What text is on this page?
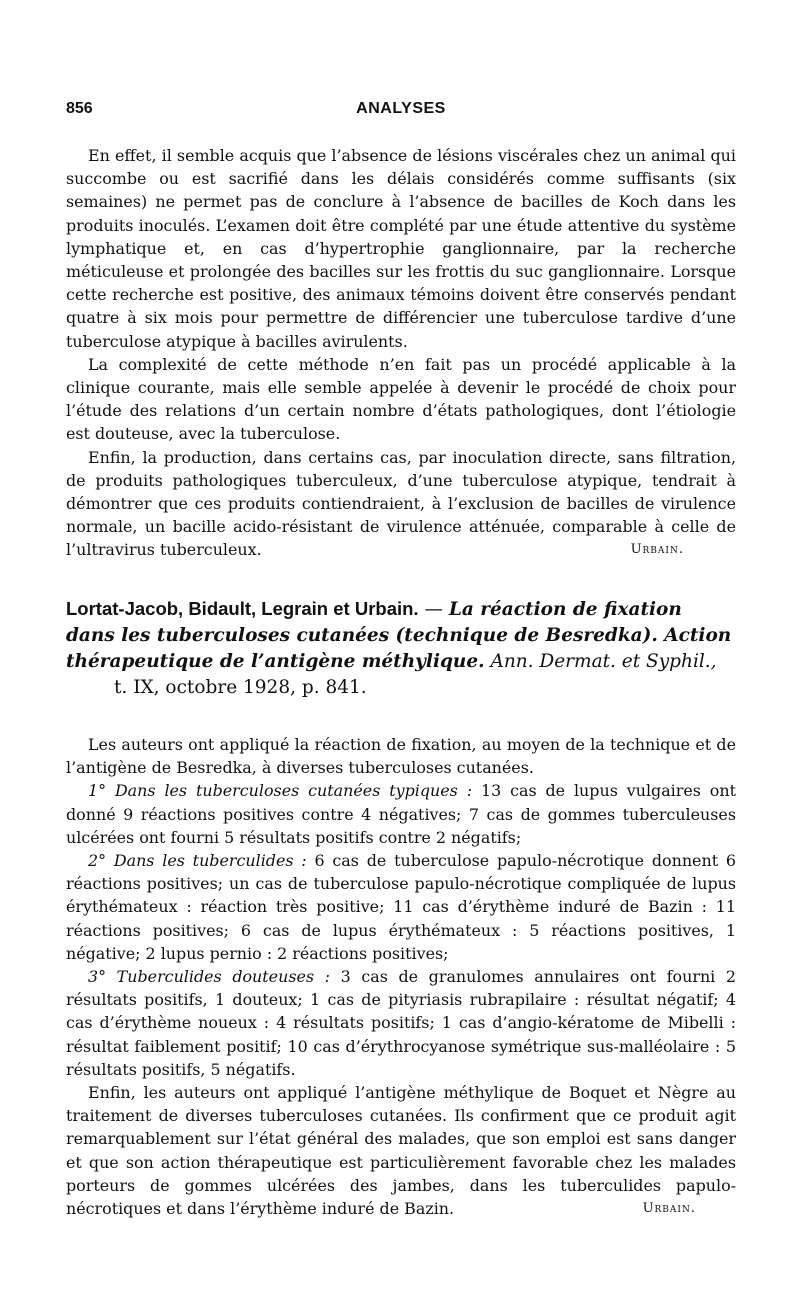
856	ANALYSES

En effet, il semble acquis que l’absence de lésions viscérales chez un animal qui succombe ou est sacrifié dans les délais considérés comme suffisants (six semaines) ne permet pas de conclure à l’absence de bacilles de Koch dans les produits inoculés. L’examen doit être complété par une étude attentive du système lymphatique et, en cas d’hypertrophie ganglionnaire, par la recherche méticuleuse et prolongée des bacilles sur les frottis du suc ganglionnaire. Lorsque cette recherche est positive, des animaux témoins doivent être conservés pendant quatre à six mois pour permettre de différencier une tuberculose tardive d’une tuberculose atypique à bacilles avirulents.

La complexité de cette méthode n’en fait pas un procédé applicable à la clinique courante, mais elle semble appelée à devenir le procédé de choix pour l’étude des relations d’un certain nombre d’états pathologiques, dont l’étiologie est douteuse, avec la tuberculose.

Enfin, la production, dans certains cas, par inoculation directe, sans filtration, de produits pathologiques tuberculeux, d’une tuberculose atypique, tendrait à démontrer que ces produits contiendraient, à l’exclusion de bacilles de virulence normale, un bacille acido-résistant de virulence atténuée, comparable à celle de l’ultravirus tuberculeux.	Urbain.

Lortat-Jacob, Bidault, Legrain et Urbain. — La réaction de fixation dans les tuberculoses cutanées (technique de Besredka). Action thérapeutique de l’antigène méthylique. Ann. Dermat. et Syphil.,
t. IX, octobre 1928, p. 841.

Les auteurs ont appliqué la réaction de fixation, au moyen de la technique et de l’antigène de Besredka, à diverses tuberculoses cutanées.

1° Dans les tuberculoses cutanées typiques : 13 cas de lupus vulgaires ont donné 9 réactions positives contre 4 négatives; 7 cas de gommes tuberculeuses ulcérées ont fourni 5 résultats positifs contre 2 négatifs;

2° Dans les tuberculides : 6 cas de tuberculose papulo-nécrotique donnent 6 réactions positives; un cas de tuberculose papulo-nécrotique compliquée de lupus érythémateux : réaction très positive; 11 cas d’érythème induré de Bazin : 11 réactions positives; 6 cas de lupus érythémateux : 5 réactions positives, 1 négative; 2 lupus pernio : 2 réactions positives;

3° Tuberculides douteuses : 3 cas de granulomes annulaires ont fourni 2 résultats positifs, 1 douteux; 1 cas de pityriasis rubrapilaire : résultat négatif; 4 cas d’érythème noueux : 4 résultats positifs; 1 cas d’angio-kératome de Mibelli : résultat faiblement positif; 10 cas d’érythrocyanose symétrique sus-malléolaire : 5 résultats positifs, 5 négatifs.

Enfin, les auteurs ont appliqué l’antigène méthylique de Boquet et Nègre au traitement de diverses tuberculoses cutanées. Ils confirment que ce produit agit remarquablement sur l’état général des malades, que son emploi est sans danger et que son action thérapeutique est particulièrement favorable chez les malades porteurs de gommes ulcérées des jambes, dans les tuberculides papulo-nécrotiques et dans l’érythème induré de Bazin.	Urbain.
